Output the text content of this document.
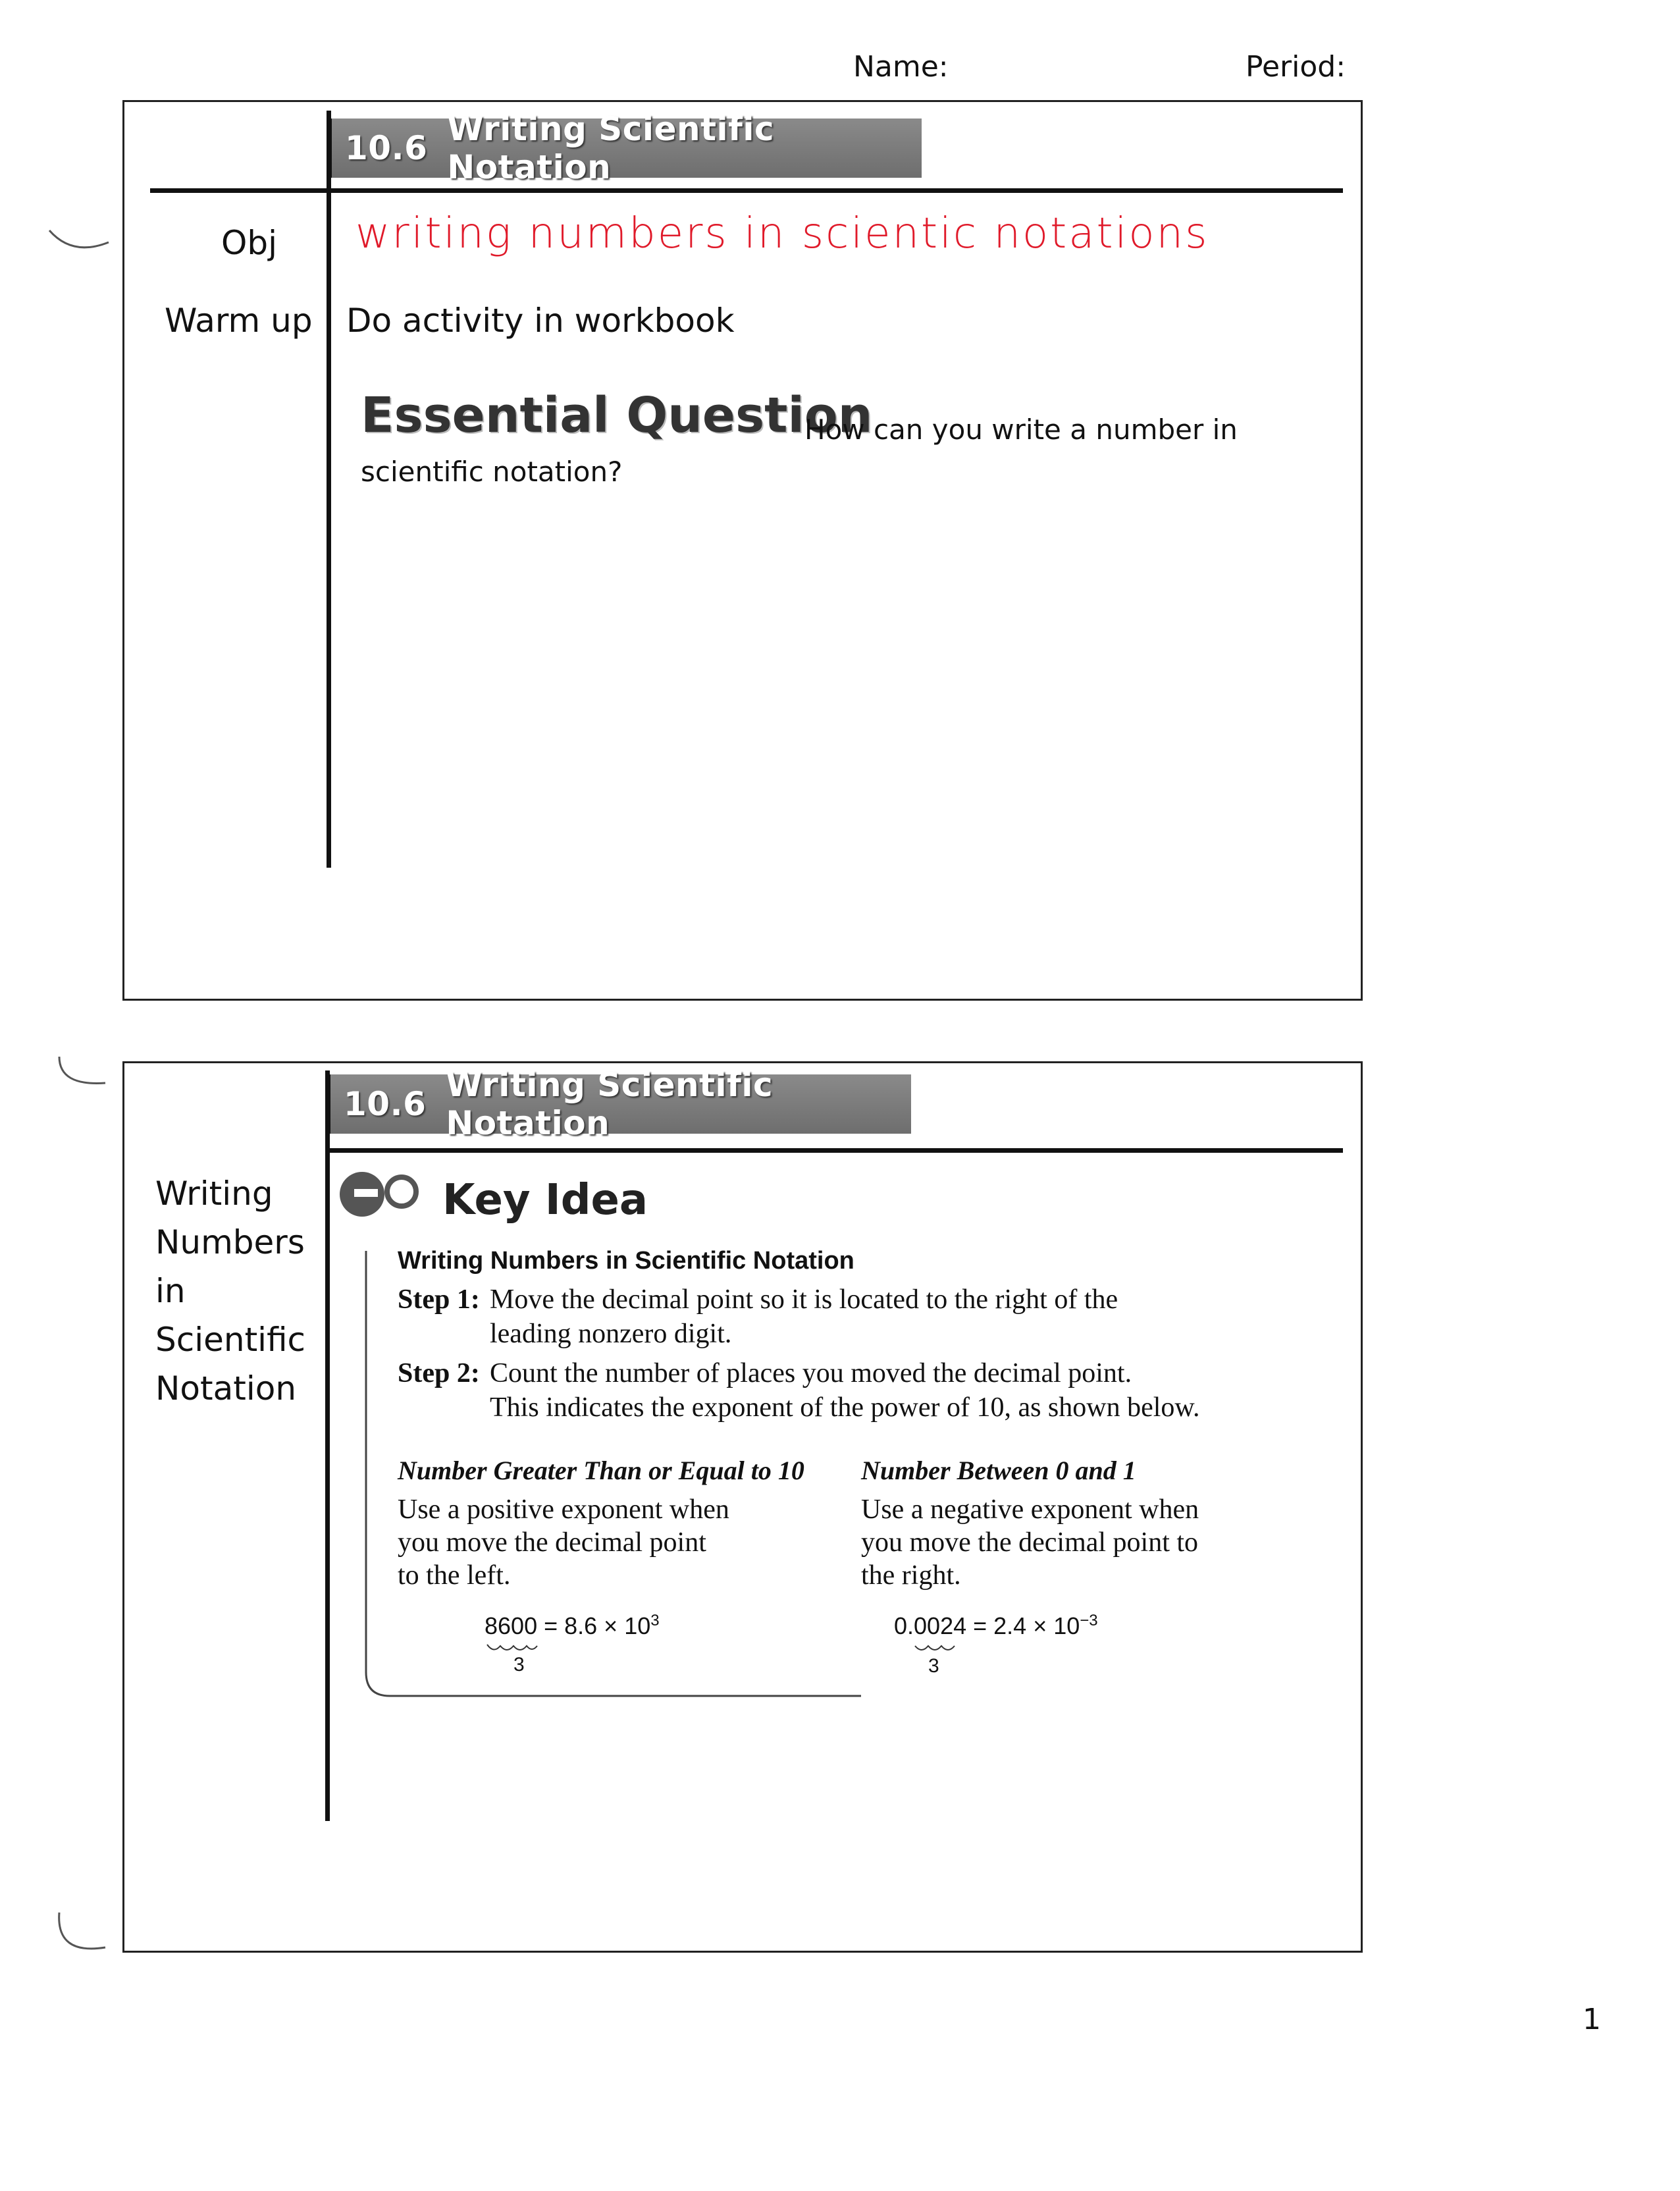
Name:	Period:
10.6 Writing Scientific Notation
Obj writing numbers in scientic notations
Warm up Do activity in workbook
Essential Question
How can you write a number in
scientific notation?
10.6 Writing Scientific Notation
Writing
Numbers
in
Scientific
Notation
Key Idea
Writing Numbers in Scientific Notation
Step 1: Move the decimal point so it is located to the right of the
leading nonzero digit.
Step 2: Count the number of places you moved the decimal point.
This indicates the exponent of the power of 10, as shown below.
Number Greater Than or Equal to 10
Use a positive exponent when
you move the decimal point
to the left.
$8600 = 8.6 \times 10^3$
3
Number Between 0 and 1
Use a negative exponent when
you move the decimal point to
the right.
$0.0024 = 2.4 \times 10^{-3}$
3
1
